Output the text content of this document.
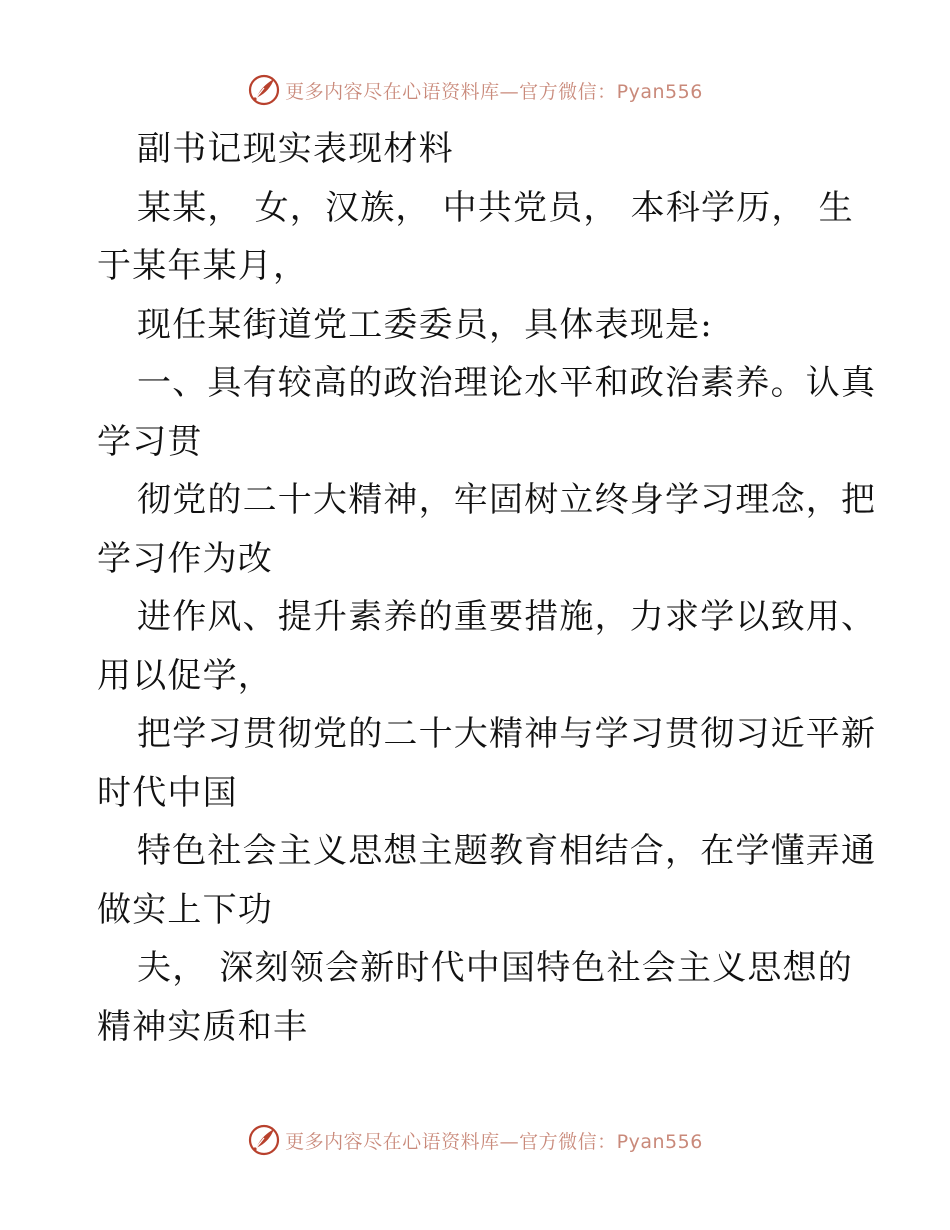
更多内容尽在心语资料库—官方微信：Pyan556
副书记现实表现材料
某某， 女，汉族， 中共党员， 本科学历， 生
于某年某月，
现任某街道党工委委员，具体表现是:
一、具有较高的政治理论水平和政治素养。认真
学习贯
彻党的二十大精神，牢固树立终身学习理念，把
学习作为改
进作风、提升素养的重要措施，力求学以致用、
用以促学，
把学习贯彻党的二十大精神与学习贯彻习近平新
时代中国
特色社会主义思想主题教育相结合，在学懂弄通
做实上下功
夫， 深刻领会新时代中国特色社会主义思想的
精神实质和丰
更多内容尽在心语资料库—官方微信：Pyan556
